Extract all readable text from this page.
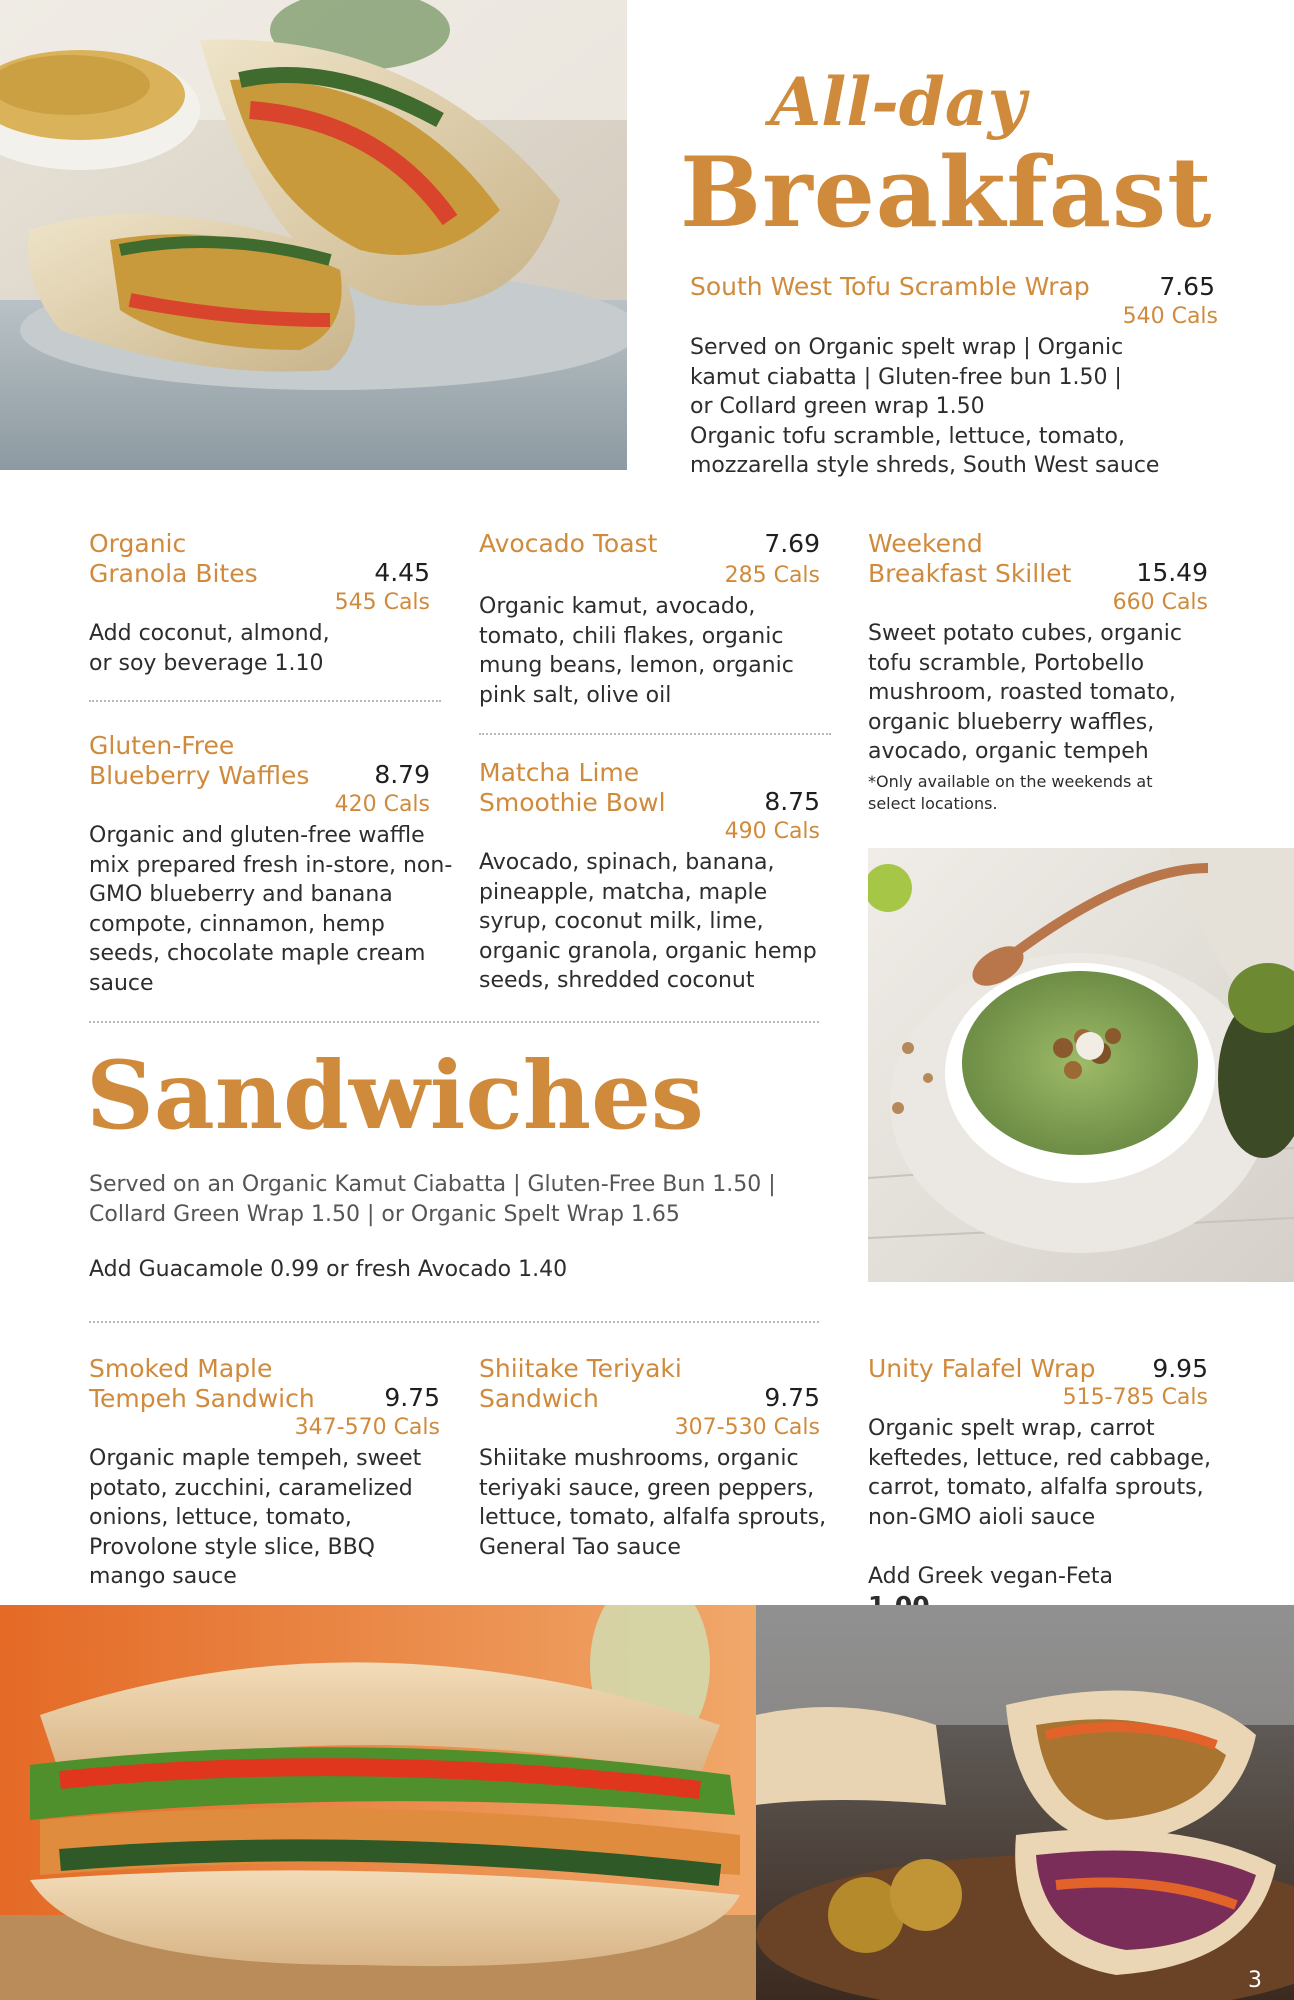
All-day
Breakfast
South West Tofu Scramble Wrap	7.65
540 Cals
Served on Organic spelt wrap | Organic
kamut ciabatta | Gluten-free bun 1.50 |
or Collard green wrap 1.50
Organic tofu scramble, lettuce, tomato,
mozzarella style shreds, South West sauce
Organic
Granola Bites	4.45
545 Cals
Add coconut, almond,
or soy beverage 1.10
Gluten-Free
Blueberry Waffles	8.79
420 Cals
Organic and gluten-free waffle
mix prepared fresh in-store, non-
GMO blueberry and banana
compote, cinnamon, hemp
seeds, chocolate maple cream
sauce
Avocado Toast	7.69
285 Cals
Organic kamut, avocado,
tomato, chili flakes, organic
mung beans, lemon, organic
pink salt, olive oil
Matcha Lime
Smoothie Bowl	8.75
490 Cals
Avocado, spinach, banana,
pineapple, matcha, maple
syrup, coconut milk, lime,
organic granola, organic hemp
seeds, shredded coconut
Weekend
Breakfast Skillet	15.49
660 Cals
Sweet potato cubes, organic
tofu scramble, Portobello
mushroom, roasted tomato,
organic blueberry waffles,
avocado, organic tempeh
*Only available on the weekends at
select locations.
Sandwiches
Served on an Organic Kamut Ciabatta | Gluten-Free Bun 1.50 |
Collard Green Wrap 1.50 | or Organic Spelt Wrap 1.65
Add Guacamole 0.99 or fresh Avocado 1.40
Smoked Maple
Tempeh Sandwich	9.75
347-570 Cals
Organic maple tempeh, sweet
potato, zucchini, caramelized
onions, lettuce, tomato,
Provolone style slice, BBQ
mango sauce
Shiitake Teriyaki
Sandwich	9.75
307-530 Cals
Shiitake mushrooms, organic
teriyaki sauce, green peppers,
lettuce, tomato, alfalfa sprouts,
General Tao sauce
Unity Falafel Wrap	9.95
515-785 Cals
Organic spelt wrap, carrot
keftedes, lettuce, red cabbage,
carrot, tomato, alfalfa sprouts,
non-GMO aioli sauce

Add Greek vegan-Feta

3
